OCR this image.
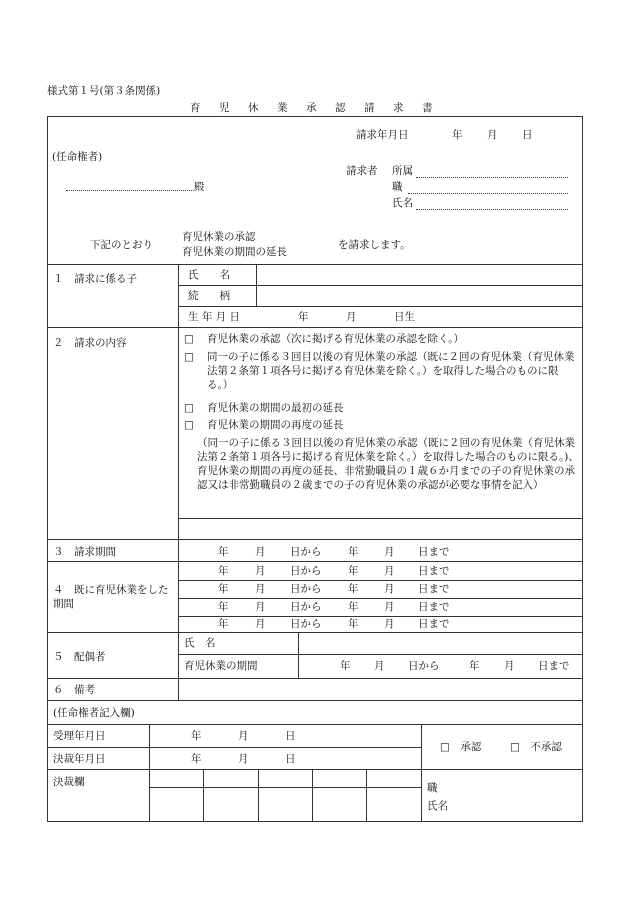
様式第１号(第３条関係)
育 児 休 業 承 認 請 求 書
請求年月日	年 月 日
(任命権者)
殿
請求者 所属
職
氏名
下記のとおり
育児休業の承認
育児休業の期間の延長
を請求します。
１　請求に係る子	氏　　名
続　　柄
生 年 月 日	年	月	日生
２　請求の内容	□ 育児休業の承認（次に掲げる育児休業の承認を除く。）
□ 同一の子に係る３回目以後の育児休業の承認（既に２回の育児休業（育児休業法第２条第１項各号に掲げる育児休業を除く。）を取得した場合のものに限る。）
□ 育児休業の期間の最初の延長
□ 育児休業の期間の再度の延長
（同一の子に係る３回目以後の育児休業の承認（既に２回の育児休業（育児休業法第２条第１項各号に掲げる育児休業を除く。）を取得した場合のものに限る。)、育児休業の期間の再度の延長、非常勤職員の１歳６か月までの子の育児休業の承認又は非常勤職員の２歳までの子の育児休業の承認が必要な事情を記入）
３　請求期間	年	月 日から	年 月 日まで
４　既に育児休業をした期間
年	月 日から	年 月 日まで
年	月 日から	年 月 日まで
年	月 日から	年 月 日まで
年	月 日から	年 月 日まで
５　配偶者
氏　名
育児休業の期間	年 月 日から	年 月 日まで
６　備考
(任命権者記入欄)
受理年月日	年	月	日
決裁年月日	年	月	日
□　承認	□　不承認
決裁欄	職
氏名
